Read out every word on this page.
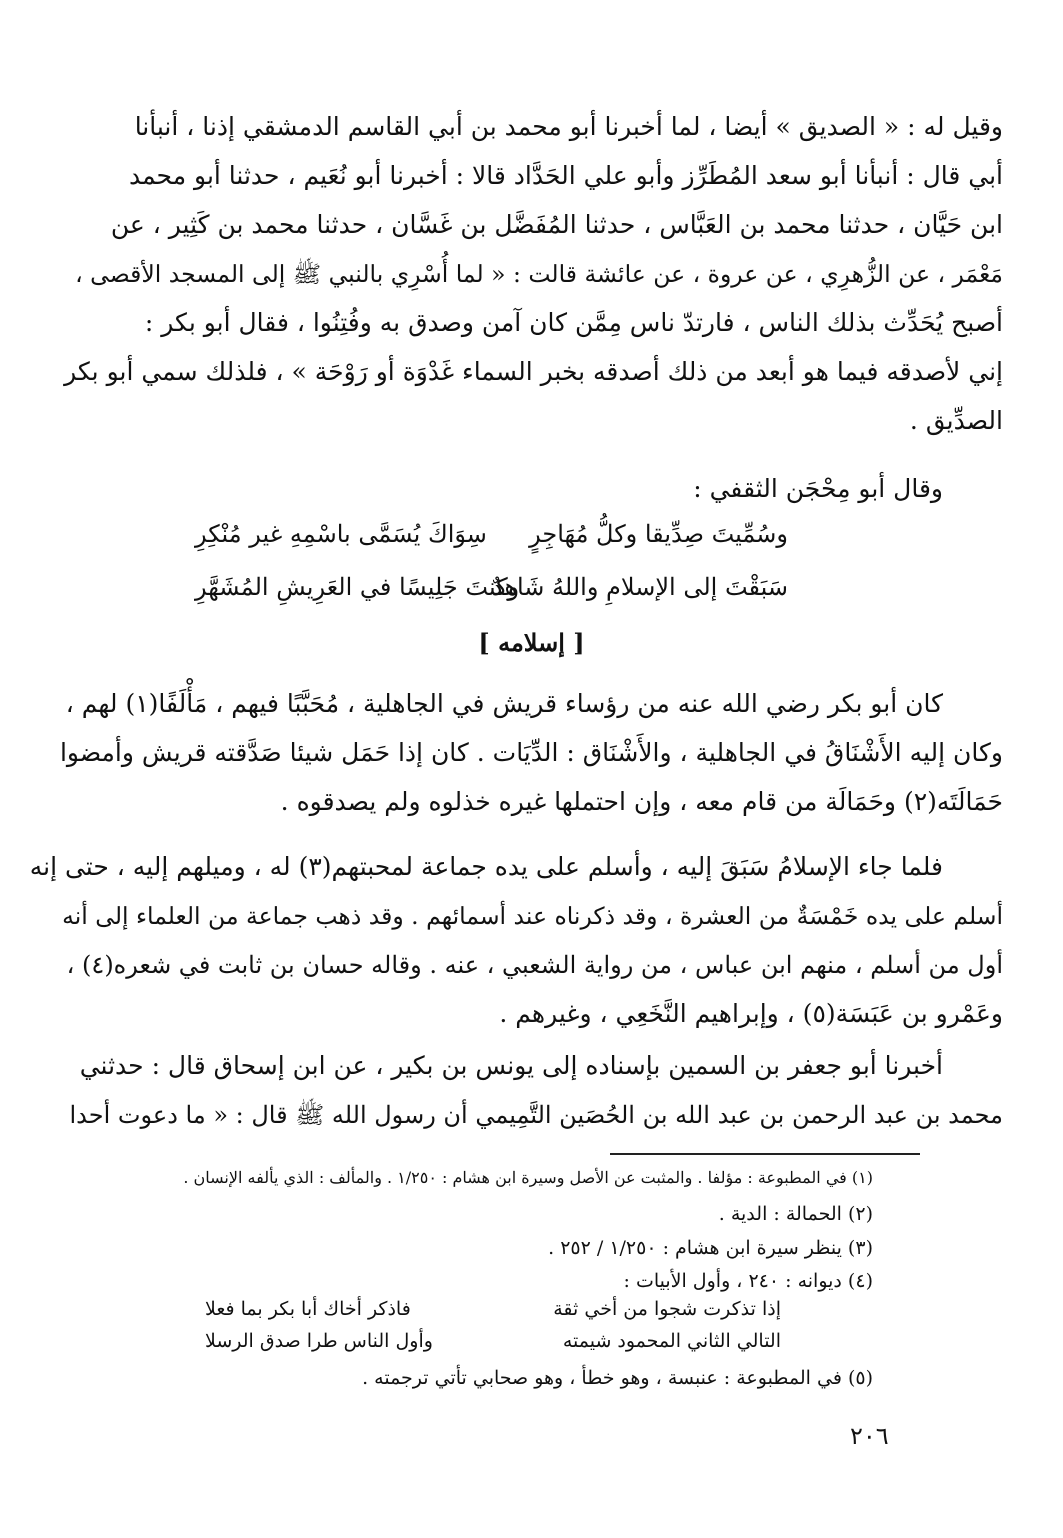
وقيل له : « الصديق » أيضا ، لما أخبرنا أبو محمد بن أبي القاسم الدمشقي إذنا ، أنبأنا
أبي قال : أنبأنا أبو سعد المُطَرِّز وأبو علي الحَدَّاد قالا : أخبرنا أبو نُعَيم ، حدثنا أبو محمد
ابن حَيَّان ، حدثنا محمد بن العَبَّاس ، حدثنا المُفَضَّل بن غَسَّان ، حدثنا محمد بن كَثِير ، عن
مَعْمَر ، عن الزُّهرِي ، عن عروة ، عن عائشة قالت : « لما أُسْرِي بالنبي ﷺ إلى المسجد الأقصى ،
أصبح يُحَدِّث بذلك الناس ، فارتدّ ناس مِمَّن كان آمن وصدق به وفُتِنُوا ، فقال أبو بكر :
إني لأصدقه فيما هو أبعد من ذلك أصدقه بخبر السماء غَدْوَة أو رَوْحَة » ، فلذلك سمي أبو بكر
الصدِّيق .
وقال أبو مِحْجَن الثقفي :
وسُمِّيتَ صِدِّيقا وكلُّ مُهَاجِرٍ
سِوَاكَ يُسَمَّى باسْمِهِ غير مُنْكِرِ
سَبَقْتَ إلى الإسلامِ واللهُ شَاهِدٌ
وكنتَ جَلِيسًا في العَرِيشِ المُشَهَّرِ
[ إسلامه ]
كان أبو بكر رضي الله عنه من رؤساء قريش في الجاهلية ، مُحَبَّبًا فيهم ، مَأْلَفًا(١) لهم ،
وكان إليه الأَشْنَاقُ في الجاهلية ، والأَشْنَاق : الدِّيَات . كان إذا حَمَل شيئا صَدَّقته قريش وأمضوا
حَمَالَتَه(٢) وحَمَالَة من قام معه ، وإن احتملها غيره خذلوه ولم يصدقوه .
فلما جاء الإسلامُ سَبَقَ إليه ، وأسلم على يده جماعة لمحبتهم(٣) له ، وميلهم إليه ، حتى إنه
أسلم على يده خَمْسَةٌ من العشرة ، وقد ذكرناه عند أسمائهم . وقد ذهب جماعة من العلماء إلى أنه
أول من أسلم ، منهم ابن عباس ، من رواية الشعبي ، عنه . وقاله حسان بن ثابت في شعره(٤) ،
وعَمْرو بن عَبَسَة(٥) ، وإبراهيم النَّخَعِي ، وغيرهم .
أخبرنا أبو جعفر بن السمين بإسناده إلى يونس بن بكير ، عن ابن إسحاق قال : حدثني
محمد بن عبد الرحمن بن عبد الله بن الحُصَين التَّمِيمي أن رسول الله ﷺ قال : « ما دعوت أحدا
(١) في المطبوعة : مؤلفا . والمثبت عن الأصل وسيرة ابن هشام : ١/٢٥٠ . والمألف : الذي يألفه الإنسان .
(٢) الحمالة : الدية .
(٣) ينظر سيرة ابن هشام : ١/٢٥٠ / ٢٥٢ .
(٤) ديوانه : ٢٤٠ ، وأول الأبيات :
إذا تذكرت شجوا من أخي ثقة
فاذكر أخاك أبا بكر بما فعلا
التالي الثاني المحمود شيمته
وأول الناس طرا صدق الرسلا
(٥) في المطبوعة : عنبسة ، وهو خطأ ، وهو صحابي تأتي ترجمته .
٢٠٦
